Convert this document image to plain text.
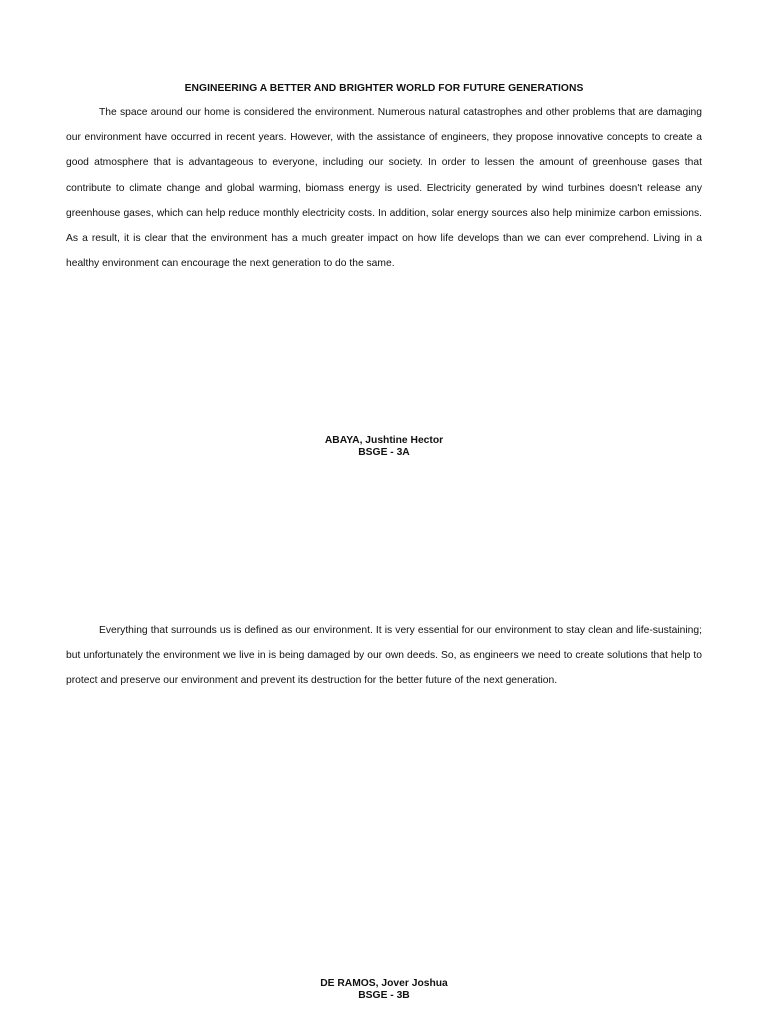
ENGINEERING A BETTER AND BRIGHTER WORLD FOR FUTURE GENERATIONS

The space around our home is considered the environment. Numerous natural catastrophes and other problems that are damaging our environment have occurred in recent years. However, with the assistance of engineers, they propose innovative concepts to create a good atmosphere that is advantageous to everyone, including our society. In order to lessen the amount of greenhouse gases that contribute to climate change and global warming, biomass energy is used. Electricity generated by wind turbines doesn't release any greenhouse gases, which can help reduce monthly electricity costs. In addition, solar energy sources also help minimize carbon emissions. As a result, it is clear that the environment has a much greater impact on how life develops than we can ever comprehend. Living in a healthy environment can encourage the next generation to do the same.

ABAYA, Jushtine Hector
BSGE - 3A

Everything that surrounds us is defined as our environment. It is very essential for our environment to stay clean and life-sustaining; but unfortunately the environment we live in is being damaged by our own deeds. So, as engineers we need to create solutions that help to protect and preserve our environment and prevent its destruction for the better future of the next generation.

DE RAMOS, Jover Joshua
BSGE - 3B
